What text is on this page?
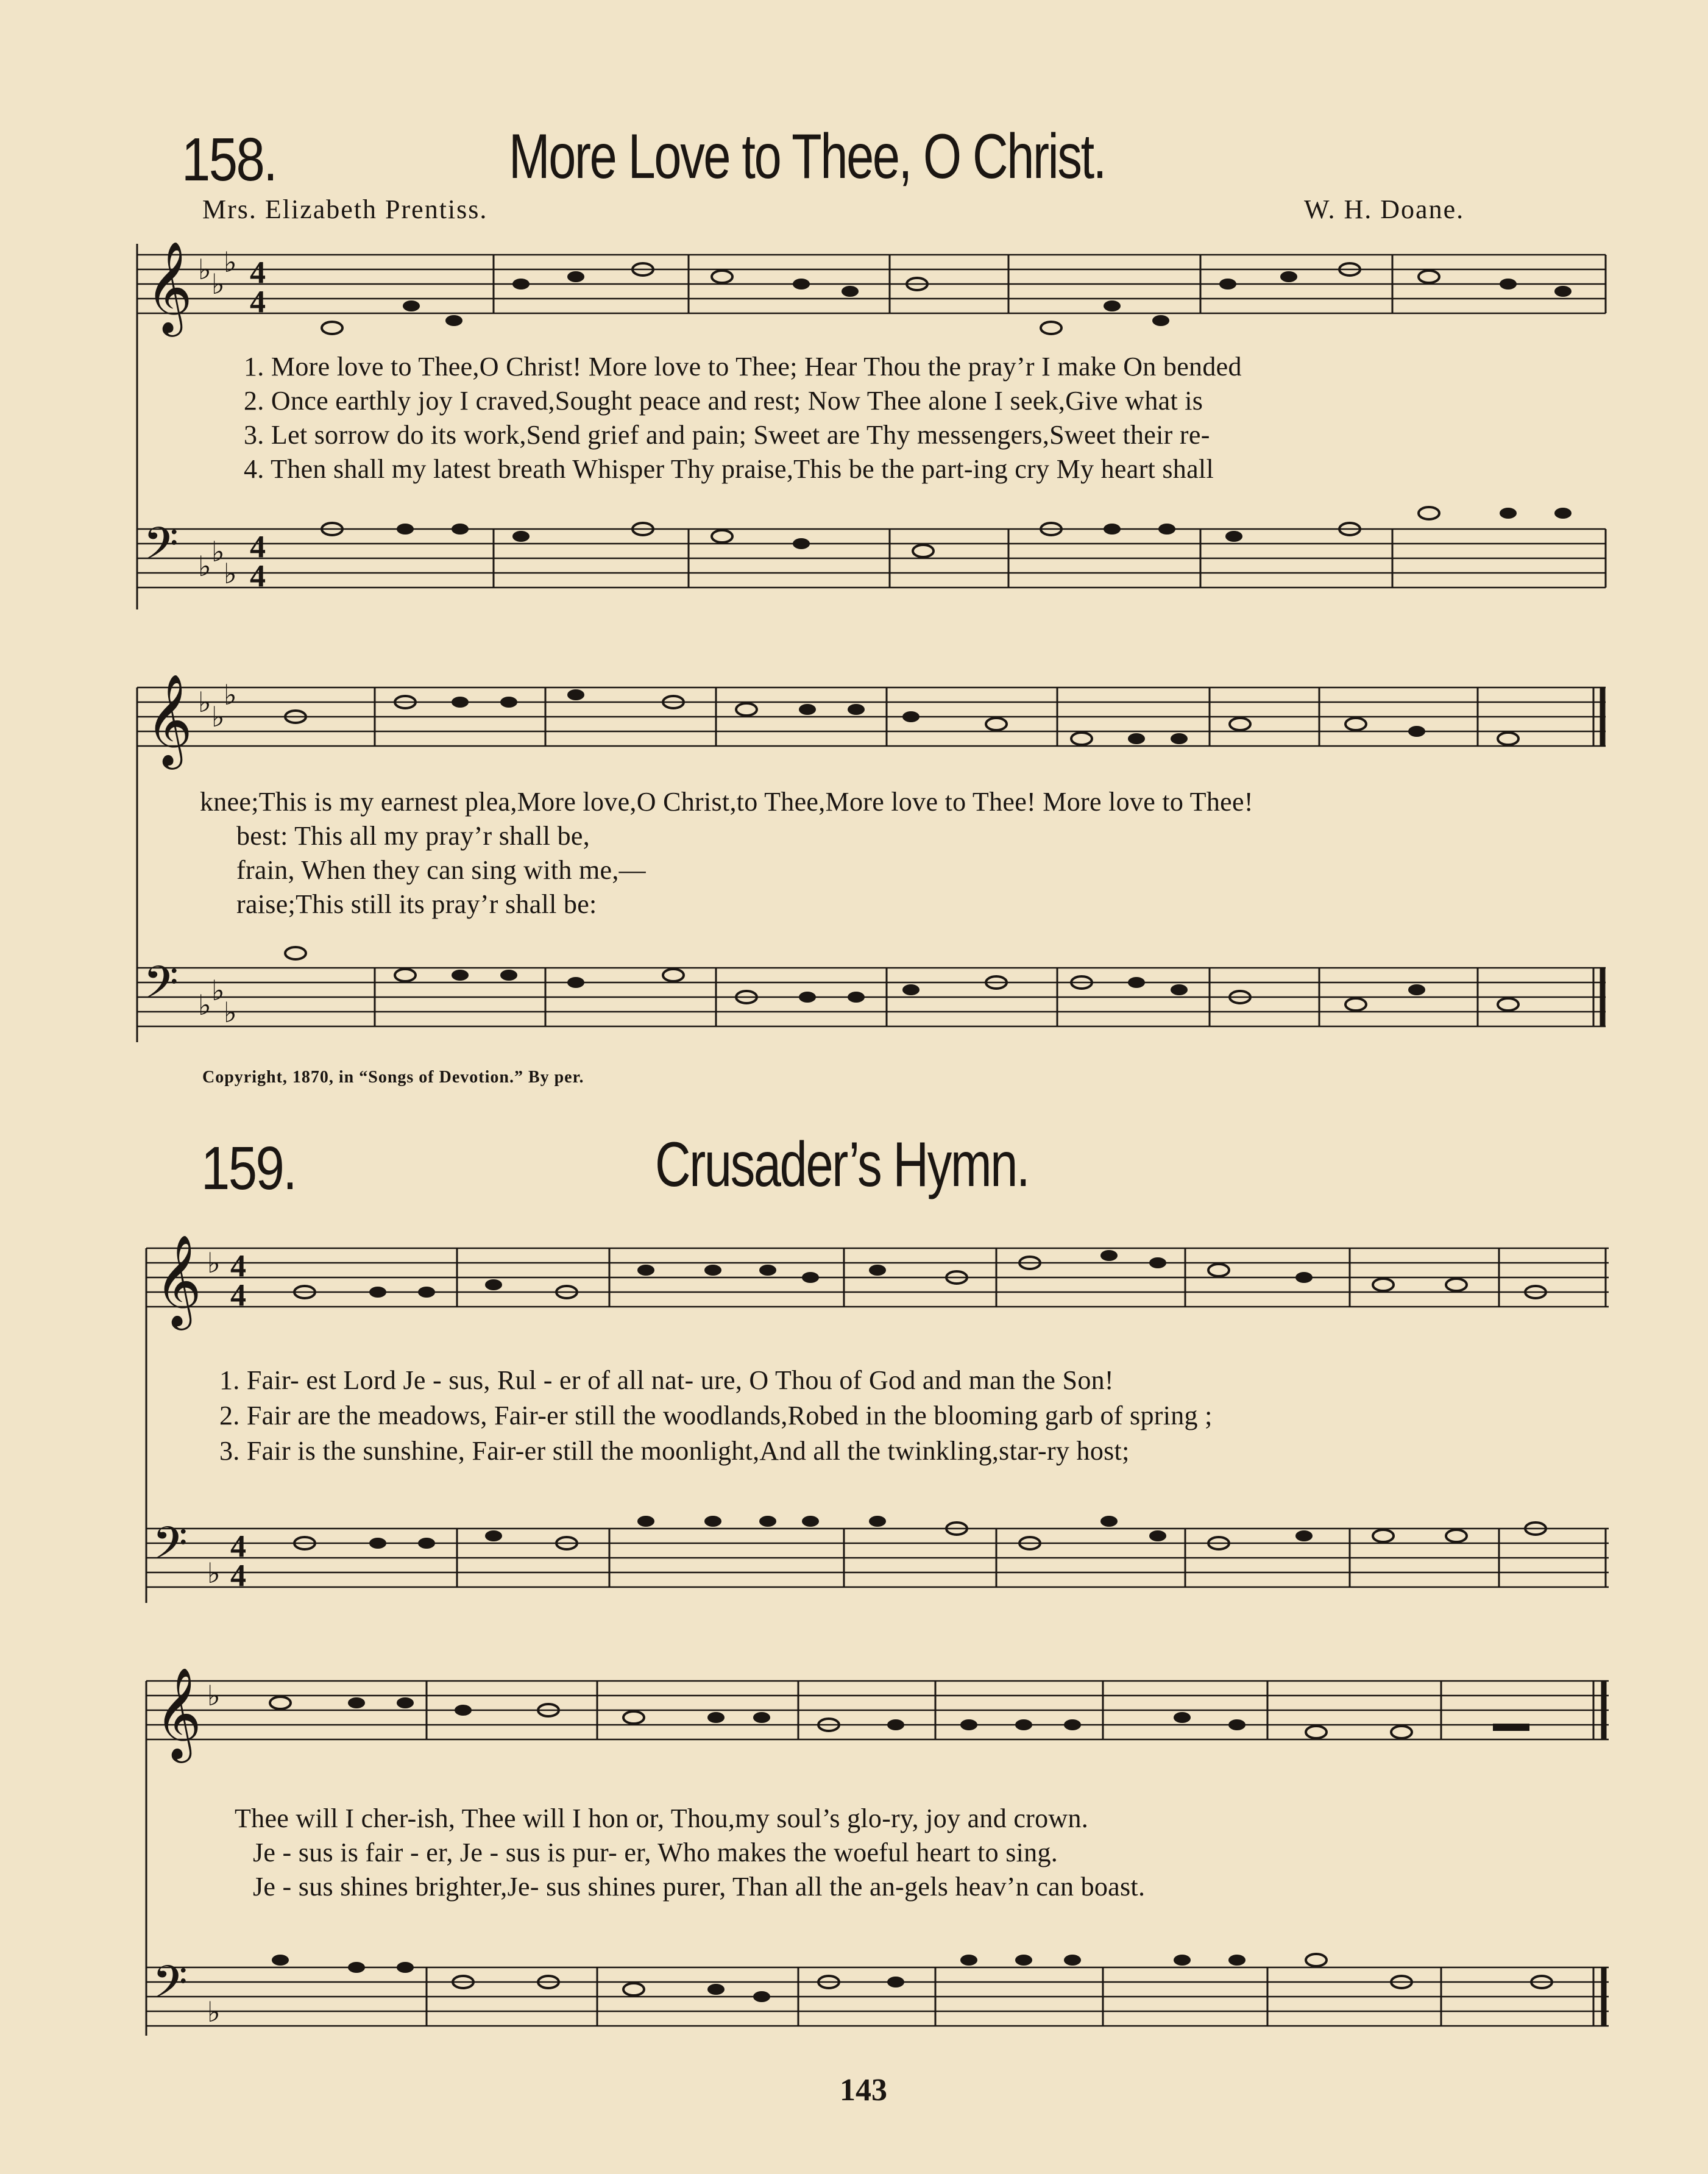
158.	More Love to Thee, O Christ.
Mrs. Elizabeth Prentiss.	W. H. Doane.
𝄞 ♭ ♭
♭ 4
4
1. More love to Thee,O Christ! More love to Thee; Hear Thou the pray’r I make On bended
2. Once earthly joy I craved,Sought peace and rest; Now Thee alone I seek,Give what is
3. Let sorrow do its work,Send grief and pain; Sweet are Thy messengers,Sweet their re-
4. Then shall my latest breath Whisper Thy praise,This be the part-ing cry My heart shall
𝄢 ♭ ♭
♭
4
4
𝄞 ♭ ♭
♭
knee;This is my earnest plea,More love,O Christ,to Thee,More love to Thee! More love to Thee!
best: This all my pray’r shall be,
frain, When they can sing with me,—
raise;This still its pray’r shall be:
𝄢 ♭ ♭
♭
Copyright, 1870, in “Songs of Devotion.” By per.
159.	Crusader’s Hymn.
𝄞 ♭ 4
4
1. Fair- est Lord Je - sus, Rul - er of all nat- ure, O Thou of God and man the Son!
2. Fair are the meadows, Fair-er still the woodlands,Robed in the blooming garb of spring ;
3. Fair is the sunshine, Fair-er still the moonlight,And all the twinkling,star-ry host;
𝄢 ♭
4
4
𝄞 ♭
Thee will I cher-ish, Thee will I hon or, Thou,my soul’s glo-ry, joy and crown.
Je - sus is fair - er, Je - sus is pur- er, Who makes the woeful heart to sing.
Je - sus shines brighter,Je- sus shines purer, Than all the an-gels heav’n can boast.
𝄢 ♭
143
